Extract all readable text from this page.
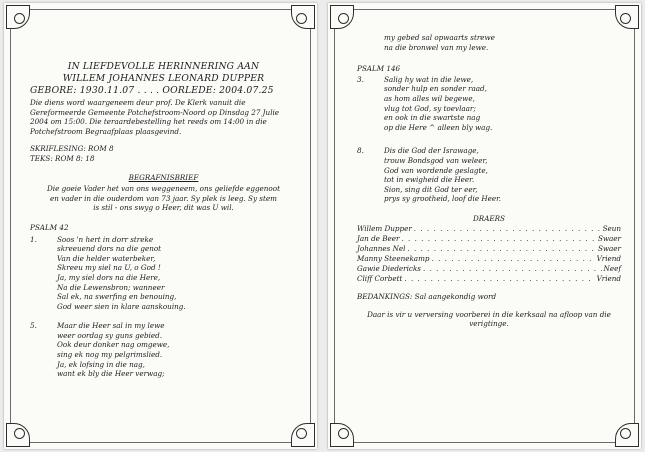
IN LIEFDEVOLLE HERINNERING AAN
WILLEM JOHANNES LEONARD DUPPER
GEBORE: 1930.11.07 . . . . OORLEDE: 2004.07.25

Die diens word waargeneem deur prof. De Klerk vanuit die Gereformeerde Gemeente Potchefstroom-Noord op Dinsdag 27 Julie 2004 om 15:00. Die teraardebestelling het reeds om 14:00 in die Potchefstroom Begraafplaas plaasgevind.

SKRIFLESING: ROM 8

TEKS: ROM 8: 18

BEGRAFNISBRIEF
Die goeie Vader het van ons weggeneem, ons geliefde eggenoot
en vader in die ouderdom van 73 jaar. Sy plek is leeg. Sy stem
is stil - ons swyg o Heer, dit was U wil.
PSALM 42
1.	Soos 'n hert in dorr streke
skreeuend dors na die genot
Van die helder waterbeker,
Skreeu my siel na U, o God !
Ja, my siel dors na die Here,
Na die Lewensbron; wanneer
Sal ek, na swerfing en benouing,
God weer sien in klare aanskouing.
5.	Maar die Heer sal in my lewe
weer oordag sy guns gebied.
Ook deur donker nag omgewe,
sing ek nog my pelgrimslied.
Ja, ek lofsing in die nag,
want ek bly die Heer verwag;
my gebed sal opwaarts strewe
na die bronwel van my lewe.
PSALM 146
3.	Salig hy wat in die lewe,
sonder hulp en sonder raad,
as hom alles wil begewe,
vlug tot God, sy toevlaar;
en ook in die swartste nag
op die Here ^ alleen bly wag.
8.	Dis die God der Israwage,
trouw Bondsgod van weleer,
God van wordende geslagte,
tot in ewigheid die Heer.
Sion, sing dit God ter eer,
prys sy grootheid, loof die Heer.
DRAERS
Willem Dupper . . .	Seun
Jan de Beer . . .	Swaer
Johannes Nel . . .	Swaer
Manny Steenekamp . . .	Vriend
Gawie Diedericks . . .	Neef
Cliff Corbett . . .	Vriend

BEDANKINGS: Sal aangekondig word

Daar is vir u verversing voorberei in die kerksaal na afloop van die verigtinge.
